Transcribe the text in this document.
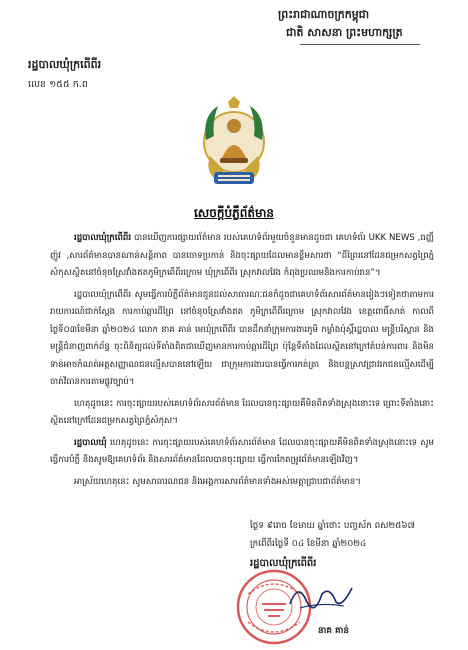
ព្រះរាជាណាចក្រកម្ពុជា
ជាតិ សាសនា ព្រះមហាក្សត្រ
រដ្ឋបាលឃុំក្រពើពីរ
លេខ ១៥៥ ក.ព
សេចក្តីបំភ្លឺព័ត៌មាន

រដ្ឋបាលឃុំក្រពើពីរ បានឃើញការផ្សាយព័ត៌មាន របស់គេហទំព័រមួយចំនួនមានដូចជា គេហទំព័រ UKK NEWS ,ធញ្ញឹ ញ៉ូវ ,សារព័ត៌មានបានណាន់សន្តិភាព បានចោទប្រកាន់ និងចុះផ្សាយដែលមានខ្លឹមសារថា “ដីព្រៃរនៅដែនជម្រកសត្វព្រៃភ្នំសំកុសស្ថិតនៅចំនុចស្រែវាំងឥតភូមិក្រពើពីរក្រោម ឃុំក្រពើពីរ ស្រុកវាលវែង កំពុងប្រឈមនិងការកាប់រាន”។

រដ្ឋបាលឃុំក្រពើពីរ សូមធ្វើការបំភ្លឺព័ត៌មានជូនដល់សាធារណៈជនក៏ដូចជាគេហទំព័រសារព័ត៌មានរៀងៗទៀតថាតាមការរាយការណ៍ជាក់ស្តែង ការកាប់ឆ្ការដីព្រៃ នៅចំនុចស្រែវាំងឥត ភូមិក្រពើពីរក្រោម ស្រុកវាលវែង ខេត្តពោធិ៍សាត់ កាលពីថ្ងៃទី០៣ខែមីនា ឆ្នាំ២០២៤ លោក នាគ គាន់ មេឃុំក្រពើពីរ បានដឹកនាំក្រុមការងារភូមិ កម្លាំងប៉ុស្តិ៍រដ្ឋបាល មន្ត្រីបរិស្ថាន និងមន្ត្រីជំនាញពាក់ព័ន្ធ ចុះពិនិត្យដល់ទីតាំងពិតជាឃើញមានការកាប់ឆ្ការដីព្រៃ ប៉ុន្តែទីតាំងដែលស្ថិតនៅក្រៅតំបន់ការពារ និងមិនទាន់អាចកំណត់អត្តសញ្ញាណជនល្មើសបាននៅឡើយ ជាក្រុមការងារបានធ្វើការកត់ត្រា និងបន្តស្រាវជ្រាវរកជនល្មើសដើម្បីចាត់វិធានការតាមផ្លូវច្បាប់។

ហេតុដូចនេះ ការចុះផ្សាយរបស់គេហទំព័រសារព័ត៌មាន ដែលបានចុះផ្សាយគឺមិនពិតទាំងស្រុងនោះទេ ព្រោះទីតាំងនោះស្ថិតនៅក្រៅដែនជម្រកសត្វព្រៃភ្នំសំកុស។

រដ្ឋបាលឃុំ ហេតុដូចនេះ ការចុះផ្សាយរបស់គេហទំព័រសារព័ត៌មាន ដែលបានចុះផ្សាយគឺមិនពិតទាំងស្រុងនោះទេ សូមធ្វើការបំភ្លឺ និងសូមឱ្យគេហទំព័រ និងសារព័ត៌មានដែលបានចុះផ្សាយ ធ្វើការកែតម្រូវព័ត៌មានឡើងវិញ។

អាស្រ័យហេតុនេះ សូមសាធារណជន និងអង្គការសារព័ត៌មានទាំងអស់មេត្តាជ្រាបជាព័ត៌មាន។

ថ្ងៃទ ៩រោច ខែមាឃ ឆ្នាំថោះ បញ្ចស័ក ពស២៥៦៧
ក្រពើពីរថ្ងៃទី ០៤ ខែមីនា ឆ្នាំ២០២៤
រដ្ឋបាលឃុំក្រពើពីរ
នាគ គាន់
